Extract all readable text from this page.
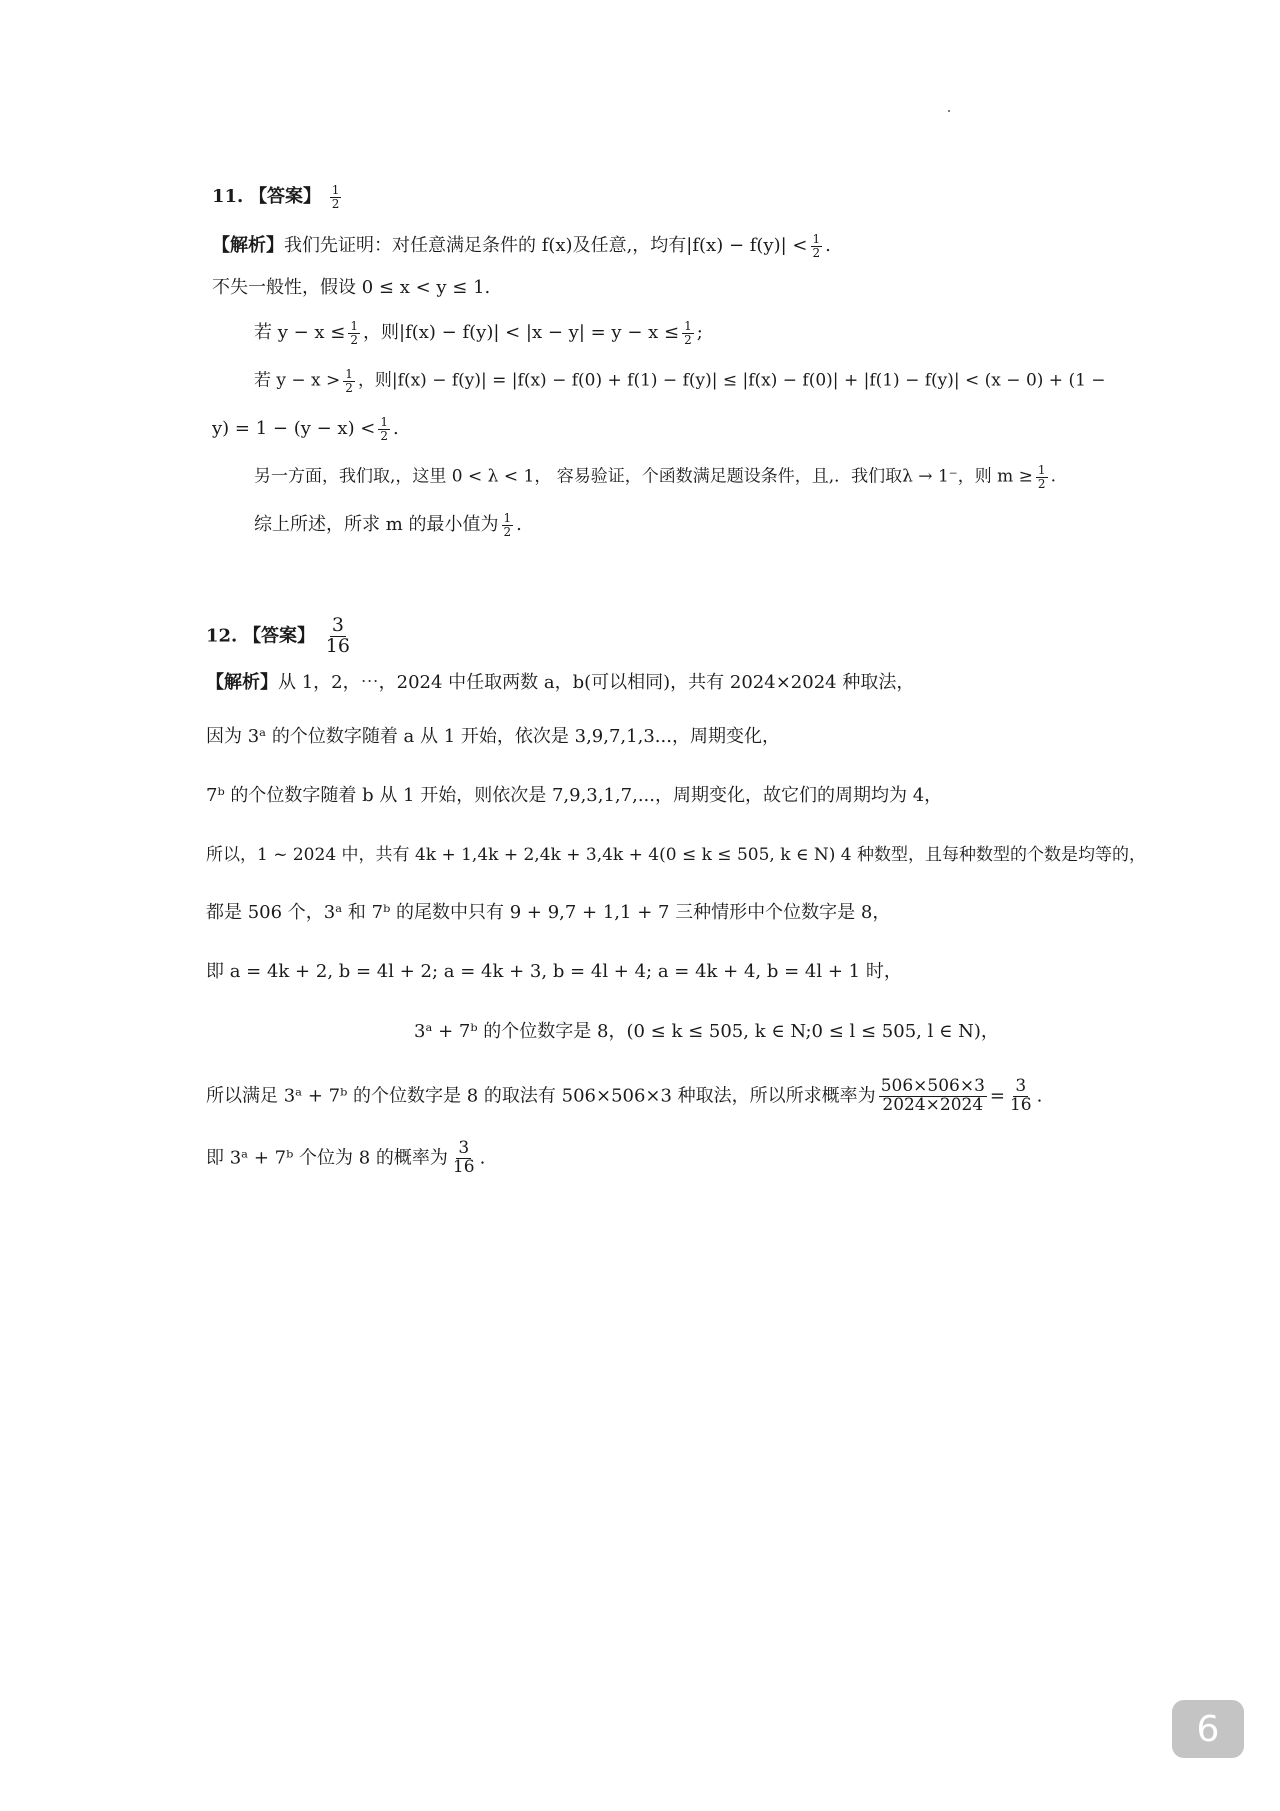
11. 【答案】 $\frac{1}{2}$
【解析】我们先证明：对任意满足条件的 f(x)及任意,，均有$|f(x) - f(y)| < \frac{1}{2}$ .
不失一般性，假设 0 ≤ x < y ≤ 1.
若 $y - x \le \frac{1}{2}$ ，则$|f(x) - f(y)| < |x - y| = y - x \le \frac{1}{2}$ ;
若 $y - x > \frac{1}{2}$ ，则|f(x) − f(y)| = |f(x) − f(0) + f(1) − f(y)| ≤ |f(x) − f(0)| + |f(1) − f(y)| < (x − 0) + (1 −
$y) = 1 - (y - x) < \frac{1}{2}$ .
另一方面，我们取,，这里 0 < λ < 1， 容易验证，个函数满足题设条件，且,．我们取λ → 1⁻，则 $m \ge \frac{1}{2}$ .
综上所述，所求 m 的最小值为 $\frac{1}{2}$ .
12. 【答案】 $\frac{3}{16}$
【解析】从 1，2，⋯，2024 中任取两数 a，b(可以相同)，共有 2024×2024 种取法，
因为 3ᵃ 的个位数字随着 a 从 1 开始，依次是 3,9,7,1,3...，周期变化，
7ᵇ 的个位数字随着 b 从 1 开始，则依次是 7,9,3,1,7,...，周期变化，故它们的周期均为 4，
所以，1 ~ 2024 中，共有 4k + 1,4k + 2,4k + 3,4k + 4(0 ≤ k ≤ 505, k ∈ N) 4 种数型，且每种数型的个数是均等的，
都是 506 个，3ᵃ 和 7ᵇ 的尾数中只有 9 + 9,7 + 1,1 + 7 三种情形中个位数字是 8，
即 a = 4k + 2, b = 4l + 2; a = 4k + 3, b = 4l + 4; a = 4k + 4, b = 4l + 1 时，
3ᵃ + 7ᵇ 的个位数字是 8，(0 ≤ k ≤ 505, k ∈ N;0 ≤ l ≤ 505, l ∈ N)，
所以满足 3ᵃ + 7ᵇ 的个位数字是 8 的取法有 506×506×3 种取法，所以所求概率为 $\frac{506\times 506\times 3}{2024\times 2024} = \frac{3}{16}$ .
即 3ᵃ + 7ᵇ 个位为 8 的概率为 $\frac{3}{16}$ .
6
